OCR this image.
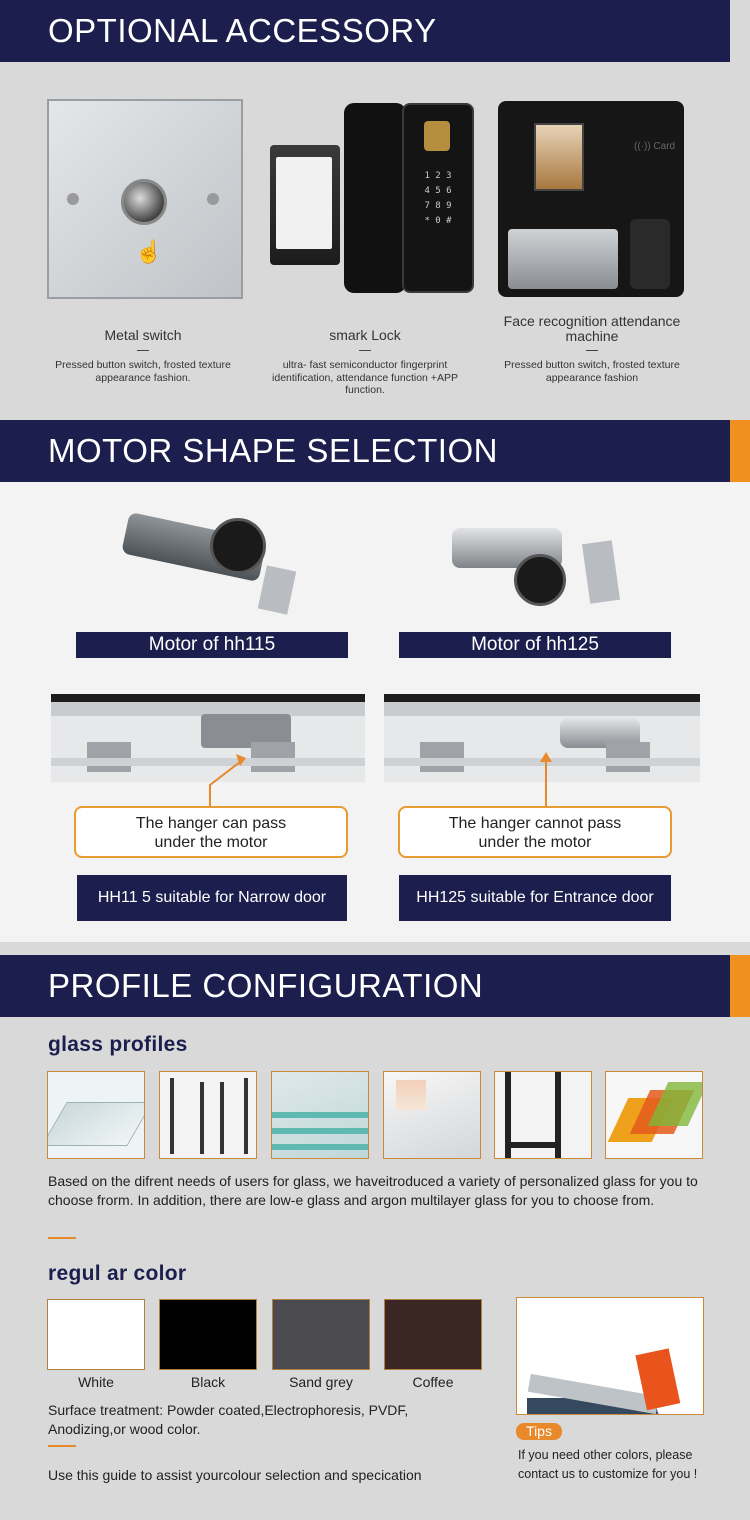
OPTIONAL ACCESSORY
☝
1 2 3
4 5 6
7 8 9
* 0 #
((·)) Card
Metal switch
Pressed button switch, frosted texture appearance fashion.
smark Lock
ultra- fast semiconductor fingerprint identification, attendance function +APP function.
Face recognition attendance machine
Pressed button switch, frosted texture appearance fashion
MOTOR SHAPE SELECTION
Motor of hh115	Motor of hh125
The hanger can pass under the motor
The hanger cannot pass under the motor
HH11 5 suitable for Narrow door	HH125 suitable for Entrance door
PROFILE CONFIGURATION
glass profiles
Based on the difrent needs of users for glass, we haveitroduced a variety of personalized glass for you to choose frorm. In addition, there are low-e glass and argon multilayer glass for you to choose from.
regul ar color
White	Black	Sand grey	Coffee
Surface treatment: Powder coated,Electrophoresis, PVDF, Anodizing,or wood color.
Use this guide to assist yourcolour selection and specication
Tips
If you need other colors, please contact us to customize for you !
